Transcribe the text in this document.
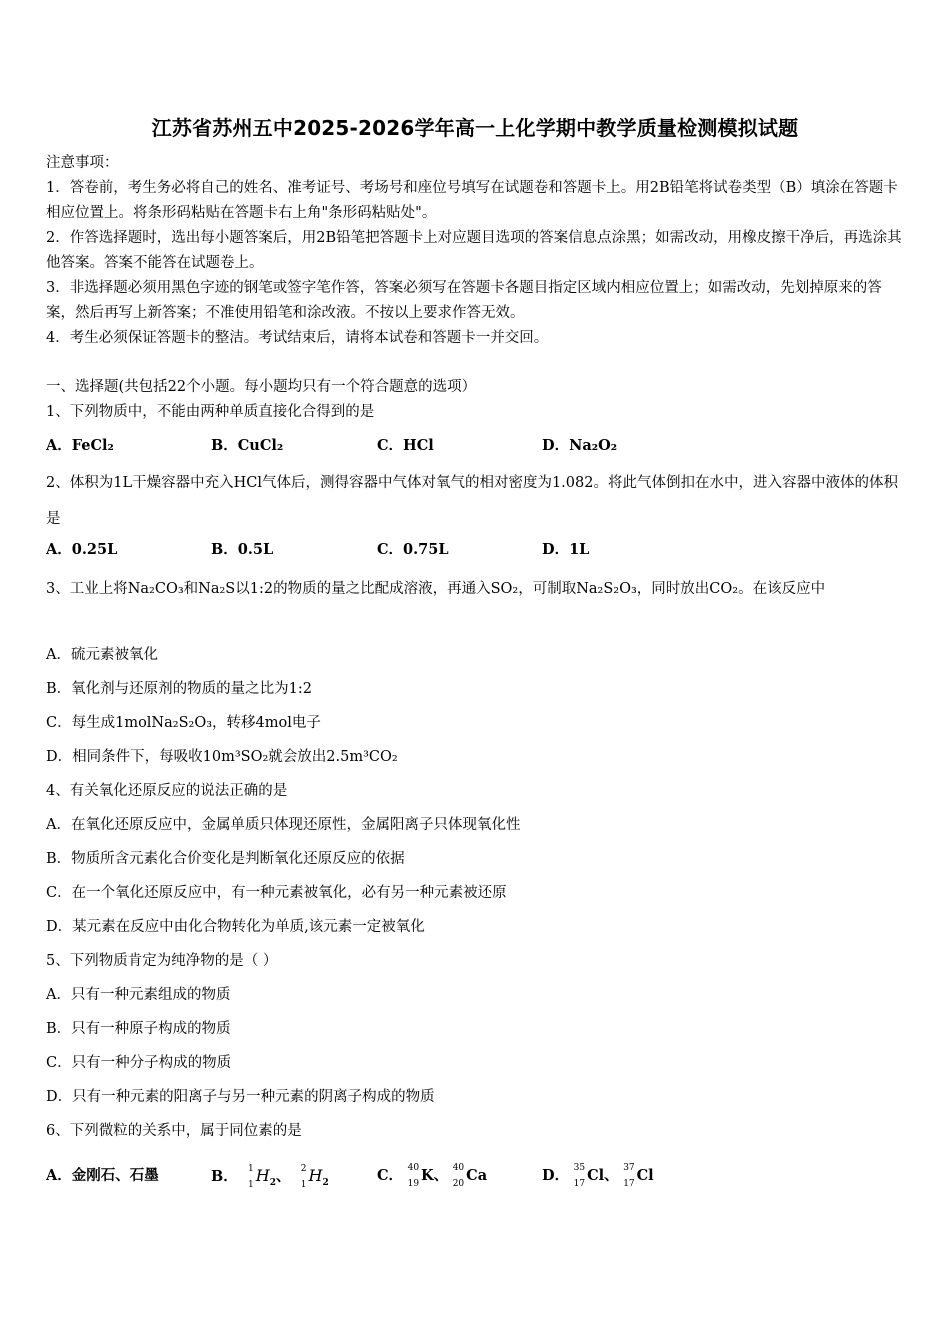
江苏省苏州五中2025-2026学年高一上化学期中教学质量检测模拟试题
注意事项：
1．答卷前，考生务必将自己的姓名、准考证号、考场号和座位号填写在试题卷和答题卡上。用2B铅笔将试卷类型（B）填涂在答题卡相应位置上。将条形码粘贴在答题卡右上角"条形码粘贴处"。
2．作答选择题时，选出每小题答案后，用2B铅笔把答题卡上对应题目选项的答案信息点涂黑；如需改动，用橡皮擦干净后，再选涂其他答案。答案不能答在试题卷上。
3．非选择题必须用黑色字迹的钢笔或签字笔作答，答案必须写在答题卡各题目指定区域内相应位置上；如需改动，先划掉原来的答案，然后再写上新答案；不准使用铅笔和涂改液。不按以上要求作答无效。
4．考生必须保证答题卡的整洁。考试结束后，请将本试卷和答题卡一并交回。
一、选择题(共包括22个小题。每小题均只有一个符合题意的选项）
1、下列物质中，不能由两种单质直接化合得到的是
A．FeCl₂	B．CuCl₂	C．HCl	D．Na₂O₂
2、体积为1L干燥容器中充入HCl气体后，测得容器中气体对氧气的相对密度为1.082。将此气体倒扣在水中，进入容器中液体的体积是
A．0.25L	B．0.5L	C．0.75L	D．1L
3、工业上将Na₂CO₃和Na₂S以1:2的物质的量之比配成溶液，再通入SO₂，可制取Na₂S₂O₃，同时放出CO₂。在该反应中
A．硫元素被氧化
B．氧化剂与还原剂的物质的量之比为1:2
C．每生成1molNa₂S₂O₃，转移4mol电子
D．相同条件下，每吸收10m³SO₂就会放出2.5m³CO₂
4、有关氧化还原反应的说法正确的是
A．在氧化还原反应中，金属单质只体现还原性，金属阳离子只体现氧化性
B．物质所含元素化合价变化是判断氧化还原反应的依据
C．在一个氧化还原反应中，有一种元素被氧化，必有另一种元素被还原
D．某元素在反应中由化合物转化为单质,该元素一定被氧化
5、下列物质肯定为纯净物的是（ ）
A．只有一种元素组成的物质
B．只有一种原子构成的物质
C．只有一种分子构成的物质
D．只有一种元素的阳离子与另一种元素的阴离子构成的物质
6、下列微粒的关系中，属于同位素的是
A．金刚石、石墨	B． 1
1 $H_2$、 2
1 $H_2$	C． 40
19 K、 40
20 Ca	D． 35
17 Cl、 37
17 Cl
